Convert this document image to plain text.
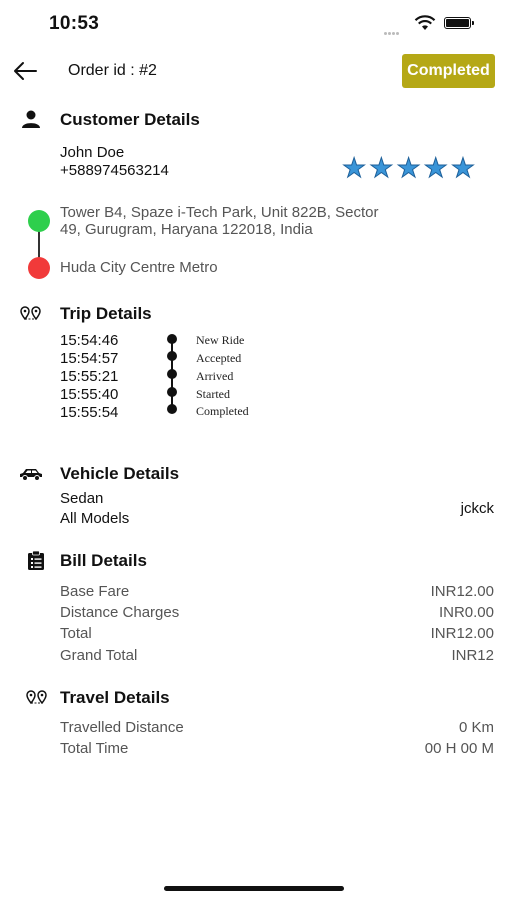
10:53
Order id : #2	Completed
Customer Details
John Doe
+588974563214	★ ★ ★ ★ ★
Tower B4, Spaze i-Tech Park, Unit 822B, Sector
49, Gurugram, Haryana 122018, India
Huda City Centre Metro
Trip Details
15:54:46	New Ride
15:54:57	Accepted
15:55:21	Arrived
15:55:40	Started
15:55:54	Completed
Vehicle Details
Sedan
All Models
jckck
Bill Details
Base Fare	INR12.00
Distance Charges	INR0.00
Total	INR12.00
Grand Total	INR12
Travel Details
Travelled Distance	0 Km
Total Time	00 H 00 M
